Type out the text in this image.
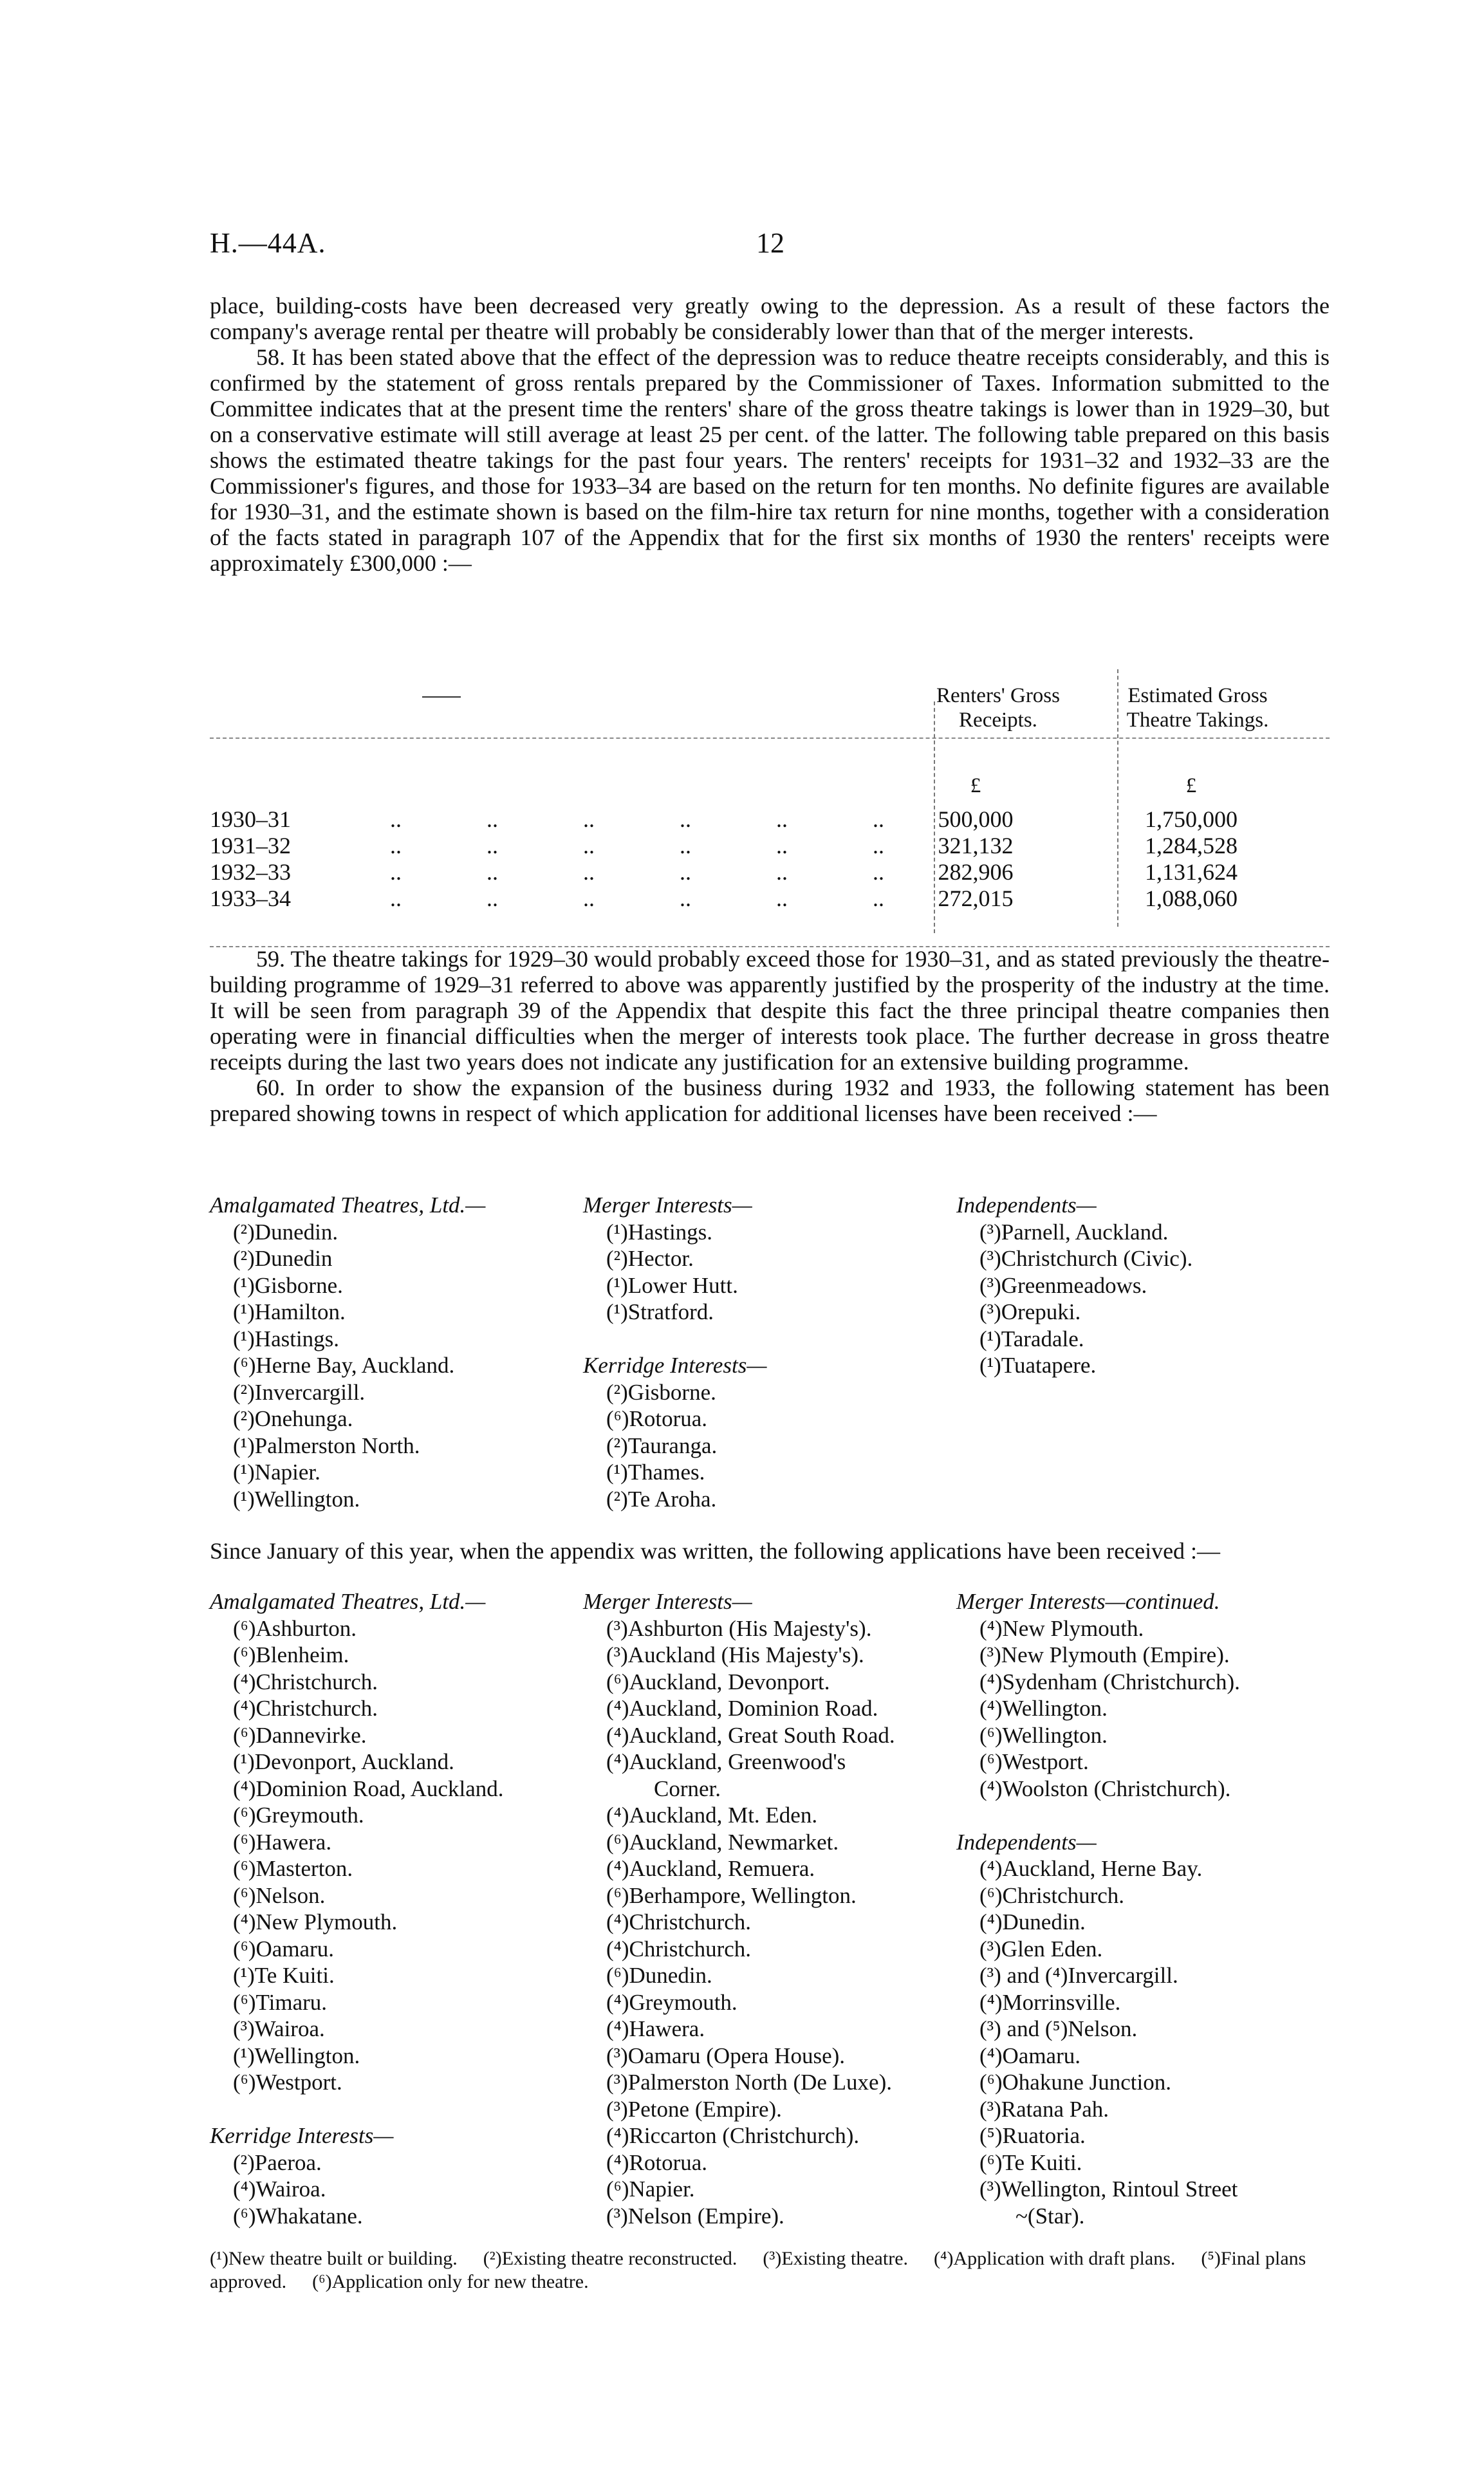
H.—44A.	12

place, building-costs have been decreased very greatly owing to the depression. As a result of these factors the company's average rental per theatre will probably be considerably lower than that of the merger interests.

58. It has been stated above that the effect of the depression was to reduce theatre receipts considerably, and this is confirmed by the statement of gross rentals prepared by the Commissioner of Taxes. Information submitted to the Committee indicates that at the present time the renters' share of the gross theatre takings is lower than in 1929–30, but on a conservative estimate will still average at least 25 per cent. of the latter. The following table prepared on this basis shows the estimated theatre takings for the past four years. The renters' receipts for 1931–32 and 1932–33 are the Commissioner's figures, and those for 1933–34 are based on the return for ten months. No definite figures are available for 1930–31, and the estimate shown is based on the film-hire tax return for nine months, together with a consideration of the facts stated in paragraph 107 of the Appendix that for the first six months of 1930 the renters' receipts were approximately £300,000 :—

Renters' Gross Receipts.
Estimated Gross Theatre Takings.
£	£
1930–31	..	..	..	..	..	..	500,000	1,750,000
1931–32	..	..	..	..	..	..	321,132	1,284,528
1932–33	..	..	..	..	..	..	282,906	1,131,624
1933–34	..	..	..	..	..	..	272,015	1,088,060

59. The theatre takings for 1929–30 would probably exceed those for 1930–31, and as stated previously the theatre-building programme of 1929–31 referred to above was apparently justified by the prosperity of the industry at the time. It will be seen from paragraph 39 of the Appendix that despite this fact the three principal theatre companies then operating were in financial difficulties when the merger of interests took place. The further decrease in gross theatre receipts during the last two years does not indicate any justification for an extensive building programme.

60. In order to show the expansion of the business during 1932 and 1933, the following statement has been prepared showing towns in respect of which application for additional licenses have been received :—

Amalgamated Theatres, Ltd.—
(²)Dunedin.
(²)Dunedin
(¹)Gisborne.
(¹)Hamilton.
(¹)Hastings.
(⁶)Herne Bay, Auckland.
(²)Invercargill.
(²)Onehunga.
(¹)Palmerston North.
(¹)Napier.
(¹)Wellington.
Merger Interests—
(¹)Hastings.
(²)Hector.
(¹)Lower Hutt.
(¹)Stratford.
Kerridge Interests—
(²)Gisborne.
(⁶)Rotorua.
(²)Tauranga.
(¹)Thames.
(²)Te Aroha.
Independents—
(³)Parnell, Auckland.
(³)Christchurch (Civic).
(³)Greenmeadows.
(³)Orepuki.
(¹)Taradale.
(¹)Tuatapere.

Since January of this year, when the appendix was written, the following applications have been received :—

Amalgamated Theatres, Ltd.—
(⁶)Ashburton.
(⁶)Blenheim.
(⁴)Christchurch.
(⁴)Christchurch.
(⁶)Dannevirke.
(¹)Devonport, Auckland.
(⁴)Dominion Road, Auckland.
(⁶)Greymouth.
(⁶)Hawera.
(⁶)Masterton.
(⁶)Nelson.
(⁴)New Plymouth.
(⁶)Oamaru.
(¹)Te Kuiti.
(⁶)Timaru.
(³)Wairoa.
(¹)Wellington.
(⁶)Westport.
Kerridge Interests—
(²)Paeroa.
(⁴)Wairoa.
(⁶)Whakatane.
Merger Interests—
(³)Ashburton (His Majesty's).
(³)Auckland (His Majesty's).
(⁶)Auckland, Devonport.
(⁴)Auckland, Dominion Road.
(⁴)Auckland, Great South Road.
(⁴)Auckland, Greenwood's
Corner.
(⁴)Auckland, Mt. Eden.
(⁶)Auckland, Newmarket.
(⁴)Auckland, Remuera.
(⁶)Berhampore, Wellington.
(⁴)Christchurch.
(⁴)Christchurch.
(⁶)Dunedin.
(⁴)Greymouth.
(⁴)Hawera.
(³)Oamaru (Opera House).
(³)Palmerston North (De Luxe).
(³)Petone (Empire).
(⁴)Riccarton (Christchurch).
(⁴)Rotorua.
(⁶)Napier.
(³)Nelson (Empire).
Merger Interests—continued.
(⁴)New Plymouth.
(³)New Plymouth (Empire).
(⁴)Sydenham (Christchurch).
(⁴)Wellington.
(⁶)Wellington.
(⁶)Westport.
(⁴)Woolston (Christchurch).
Independents—
(⁴)Auckland, Herne Bay.
(⁶)Christchurch.
(⁴)Dunedin.
(³)Glen Eden.
(³) and (⁴)Invercargill.
(⁴)Morrinsville.
(³) and (⁵)Nelson.
(⁴)Oamaru.
(⁶)Ohakune Junction.
(³)Ratana Pah.
(⁵)Ruatoria.
(⁶)Te Kuiti.
(³)Wellington, Rintoul Street
~(Star).
(¹)New theatre built or building. (²)Existing theatre reconstructed. (³)Existing theatre. (⁴)Application with draft plans. (⁵)Final plans approved. (⁶)Application only for new theatre.
